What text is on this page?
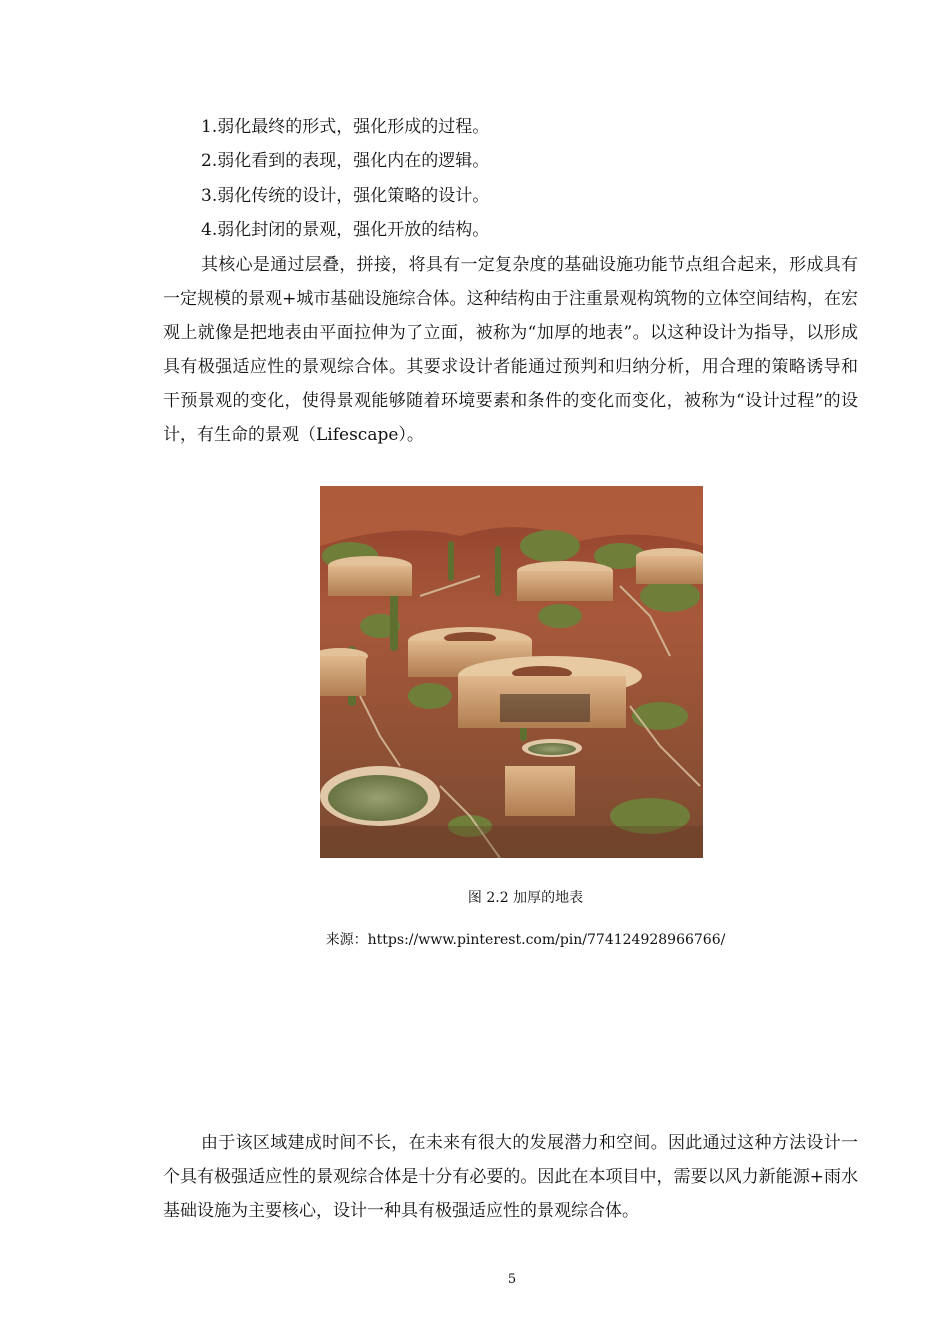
1.弱化最终的形式，强化形成的过程。
2.弱化看到的表现，强化内在的逻辑。
3.弱化传统的设计，强化策略的设计。
4.弱化封闭的景观，强化开放的结构。

其核心是通过层叠，拼接，将具有一定复杂度的基础设施功能节点组合起来，形成具有一定规模的景观+城市基础设施综合体。这种结构由于注重景观构筑物的立体空间结构，在宏观上就像是把地表由平面拉伸为了立面，被称为“加厚的地表”。以这种设计为指导，以形成具有极强适应性的景观综合体。其要求设计者能通过预判和归纳分析，用合理的策略诱导和干预景观的变化，使得景观能够随着环境要素和条件的变化而变化，被称为“设计过程”的设计，有生命的景观（Lifescape）。

图 2.2 加厚的地表
来源：https://www.pinterest.com/pin/774124928966766/

由于该区域建成时间不长，在未来有很大的发展潜力和空间。因此通过这种方法设计一个具有极强适应性的景观综合体是十分有必要的。因此在本项目中，需要以风力新能源+雨水基础设施为主要核心，设计一种具有极强适应性的景观综合体。

5
